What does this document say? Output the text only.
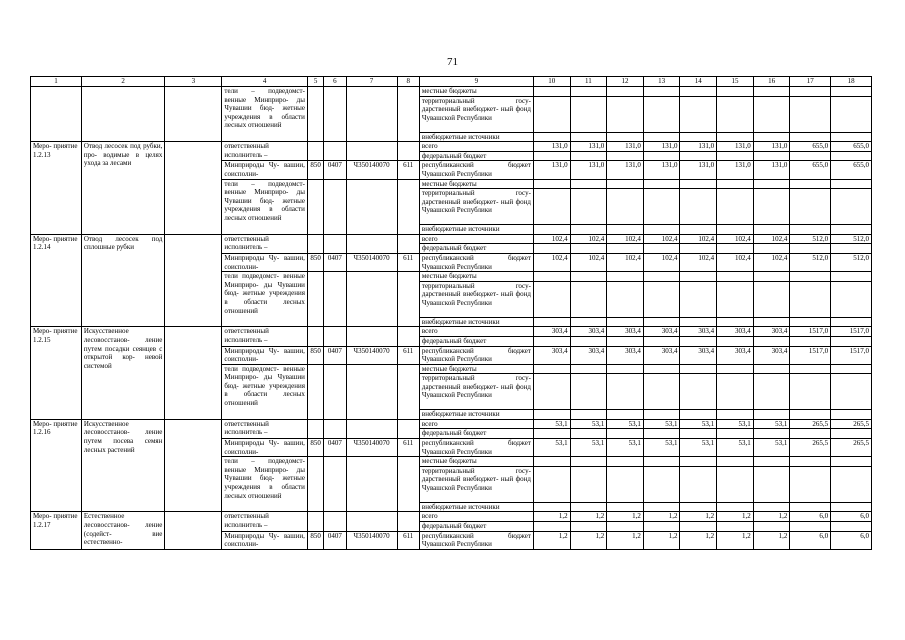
71
1	2	3	4	5	6	7	8	9	10	11	12	13	14	15	16	17	18
			тели – подведомст- венные Минприро- ды Чувашии бюд- жетные учреждения в области лесных отношений					местные бюджеты									
								территориальный госу- дарственный внебюджет- ный фонд Чувашской Республики									
								внебюджетные источники									
Меро- приятие 1.2.13	Отвод лесосек под рубки, про- водимые в целях ухода за лесами		ответственный исполнитель –					всего	131,0	131,0	131,0	131,0	131,0	131,0	131,0	655,0	655,0
								федеральный бюджет									
			Минприроды Чу- вашии, соисполни-	850	0407	Ч350140070	611	республиканский бюджет Чувашской Республики	131,0	131,0	131,0	131,0	131,0	131,0	131,0	655,0	655,0
			тели – подведомст- венные Минприро- ды Чувашии бюд- жетные учреждения в области лесных отношений					местные бюджеты									
								территориальный госу- дарственный внебюджет- ный фонд Чувашской Республики									
								внебюджетные источники									
Меро- приятие 1.2.14	Отвод лесосек под сплошные рубки		ответственный исполнитель –					всего	102,4	102,4	102,4	102,4	102,4	102,4	102,4	512,0	512,0
								федеральный бюджет									
			Минприроды Чу- вашии, соисполни-	850	0407	Ч350140070	611	республиканский бюджет Чувашской Республики	102,4	102,4	102,4	102,4	102,4	102,4	102,4	512,0	512,0
			тели подведомст- венные Минприро- ды Чувашии бюд- жетные учреждения в области лесных отношений					местные бюджеты									
								территориальный госу- дарственный внебюджет- ный фонд Чувашской Республики									
								внебюджетные источники									
Меро- приятие 1.2.15	Искусственное лесовосстанов- ление путем посадки сеянцев с открытой кор- невой системой		ответственный исполнитель –					всего	303,4	303,4	303,4	303,4	303,4	303,4	303,4	1517,0	1517,0
								федеральный бюджет									
			Минприроды Чу- вашии, соисполни-	850	0407	Ч350140070	611	республиканский бюджет Чувашской Республики	303,4	303,4	303,4	303,4	303,4	303,4	303,4	1517,0	1517,0
			тели подведомст- венные Минприро- ды Чувашии бюд- жетные учреждения в области лесных отношений					местные бюджеты									
								территориальный госу- дарственный внебюджет- ный фонд Чувашской Республики									
								внебюджетные источники									
Меро- приятие 1.2.16	Искусственное лесовосстанов- ление путем посева семян лесных растений		ответственный исполнитель –					всего	53,1	53,1	53,1	53,1	53,1	53,1	53,1	265,5	265,5
								федеральный бюджет									
			Минприроды Чу- вашии, соисполни-	850	0407	Ч350140070	611	республиканский бюджет Чувашской Республики	53,1	53,1	53,1	53,1	53,1	53,1	53,1	265,5	265,5
			тели – подведомст- венные Минприро- ды Чувашии бюд- жетные учреждения в области лесных отношений					местные бюджеты									
								территориальный госу- дарственный внебюджет- ный фонд Чувашской Республики									
								внебюджетные источники									
Меро- приятие 1.2.17	Естественное лесовосстанов- ление (содейст- вие естественно-		ответственный исполнитель –					всего	1,2	1,2	1,2	1,2	1,2	1,2	1,2	6,0	6,0
								федеральный бюджет									
			Минприроды Чу- вашии, соисполни-	850	0407	Ч350140070	611	республиканский бюджет Чувашской Республики	1,2	1,2	1,2	1,2	1,2	1,2	1,2	6,0	6,0
